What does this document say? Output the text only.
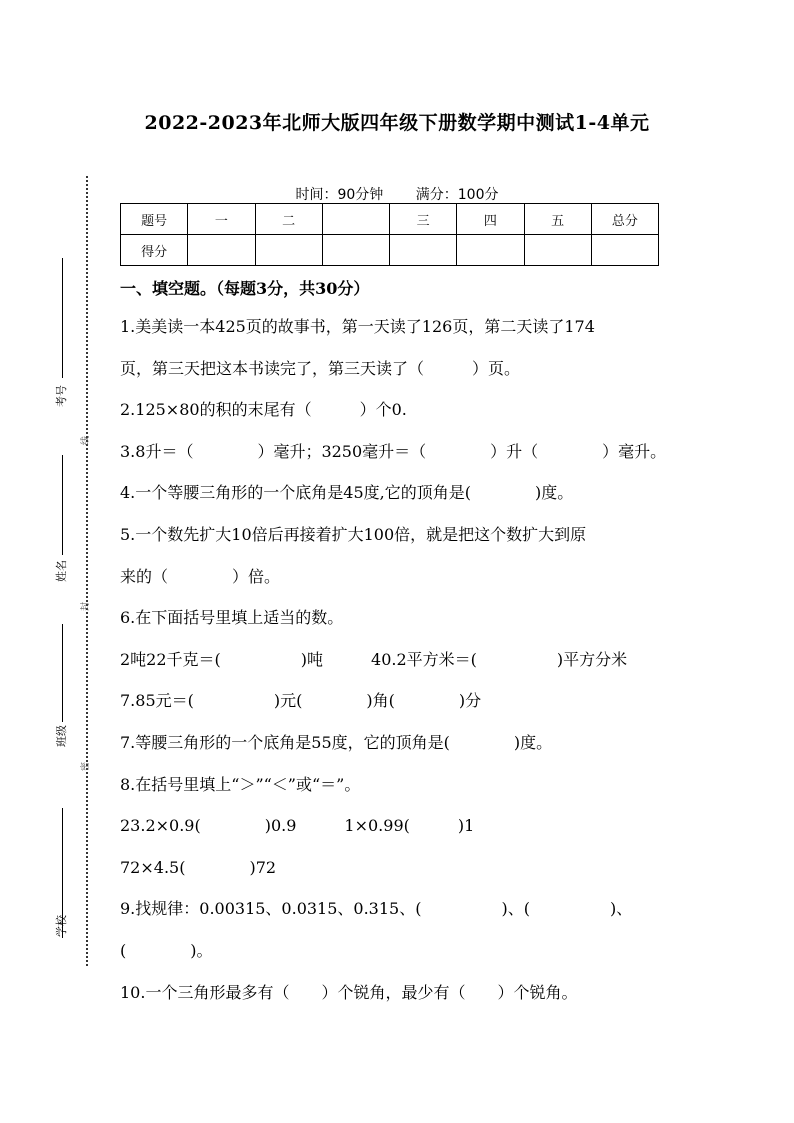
2022-2023年北师大版四年级下册数学期中测试1-4单元
时间：90分钟 满分：100分
题号	一	二		三	四	五	总分
得分							
考号
姓名
班级
学校
线
封
密
一、填空题。（每题3分，共30分）
1.美美读一本425页的故事书，第一天读了126页，第二天读了174
页，第三天把这本书读完了，第三天读了（　　　）页。
2.125×80的积的末尾有（　　　）个0.
3.8升＝（　　　　）毫升；3250毫升＝（　　　　）升（　　　　）毫升。
4.一个等腰三角形的一个底角是45度,它的顶角是(　　　　)度。
5.一个数先扩大10倍后再接着扩大100倍，就是把这个数扩大到原
来的（　　　　）倍。
6.在下面括号里填上适当的数。
2吨22千克＝(　　　　　)吨　　　40.2平方米＝(　　　　　)平方分米
7.85元＝(　　　　　)元(　　　　)角(　　　　)分
7.等腰三角形的一个底角是55度，它的顶角是(　　　　)度。
8.在括号里填上“＞”“＜”或“＝”。
23.2×0.9(　　　　)0.9　　　1×0.99(　　　)1
72×4.5(　　　　)72
9.找规律：0.00315、0.0315、0.315、(　　　　　)、(　　　　　)、
(　　　　)。
10.一个三角形最多有（　　）个锐角，最少有（　　）个锐角。
